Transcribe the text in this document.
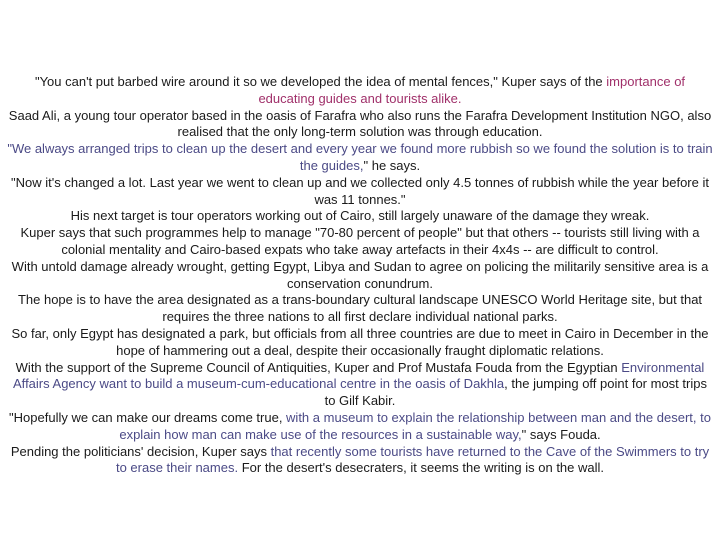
"You can't put barbed wire around it so we developed the idea of mental fences," Kuper says of the importance of educating guides and tourists alike.

Saad Ali, a young tour operator based in the oasis of Farafra who also runs the Farafra Development Institution NGO, also realised that the only long-term solution was through education.

"We always arranged trips to clean up the desert and every year we found more rubbish so we found the solution is to train the guides," he says.

"Now it's changed a lot. Last year we went to clean up and we collected only 4.5 tonnes of rubbish while the year before it was 11 tonnes."

His next target is tour operators working out of Cairo, still largely unaware of the damage they wreak.

Kuper says that such programmes help to manage "70-80 percent of people" but that others -- tourists still living with a colonial mentality and Cairo-based expats who take away artefacts in their 4x4s -- are difficult to control.

With untold damage already wrought, getting Egypt, Libya and Sudan to agree on policing the militarily sensitive area is a conservation conundrum.

The hope is to have the area designated as a trans-boundary cultural landscape UNESCO World Heritage site, but that requires the three nations to all first declare individual national parks.

So far, only Egypt has designated a park, but officials from all three countries are due to meet in Cairo in December in the hope of hammering out a deal, despite their occasionally fraught diplomatic relations.

With the support of the Supreme Council of Antiquities, Kuper and Prof Mustafa Fouda from the Egyptian Environmental Affairs Agency want to build a museum-cum-educational centre in the oasis of Dakhla, the jumping off point for most trips to Gilf Kabir.

"Hopefully we can make our dreams come true, with a museum to explain the relationship between man and the desert, to explain how man can make use of the resources in a sustainable way," says Fouda.

Pending the politicians' decision, Kuper says that recently some tourists have returned to the Cave of the Swimmers to try to erase their names. For the desert's desecraters, it seems the writing is on the wall.
